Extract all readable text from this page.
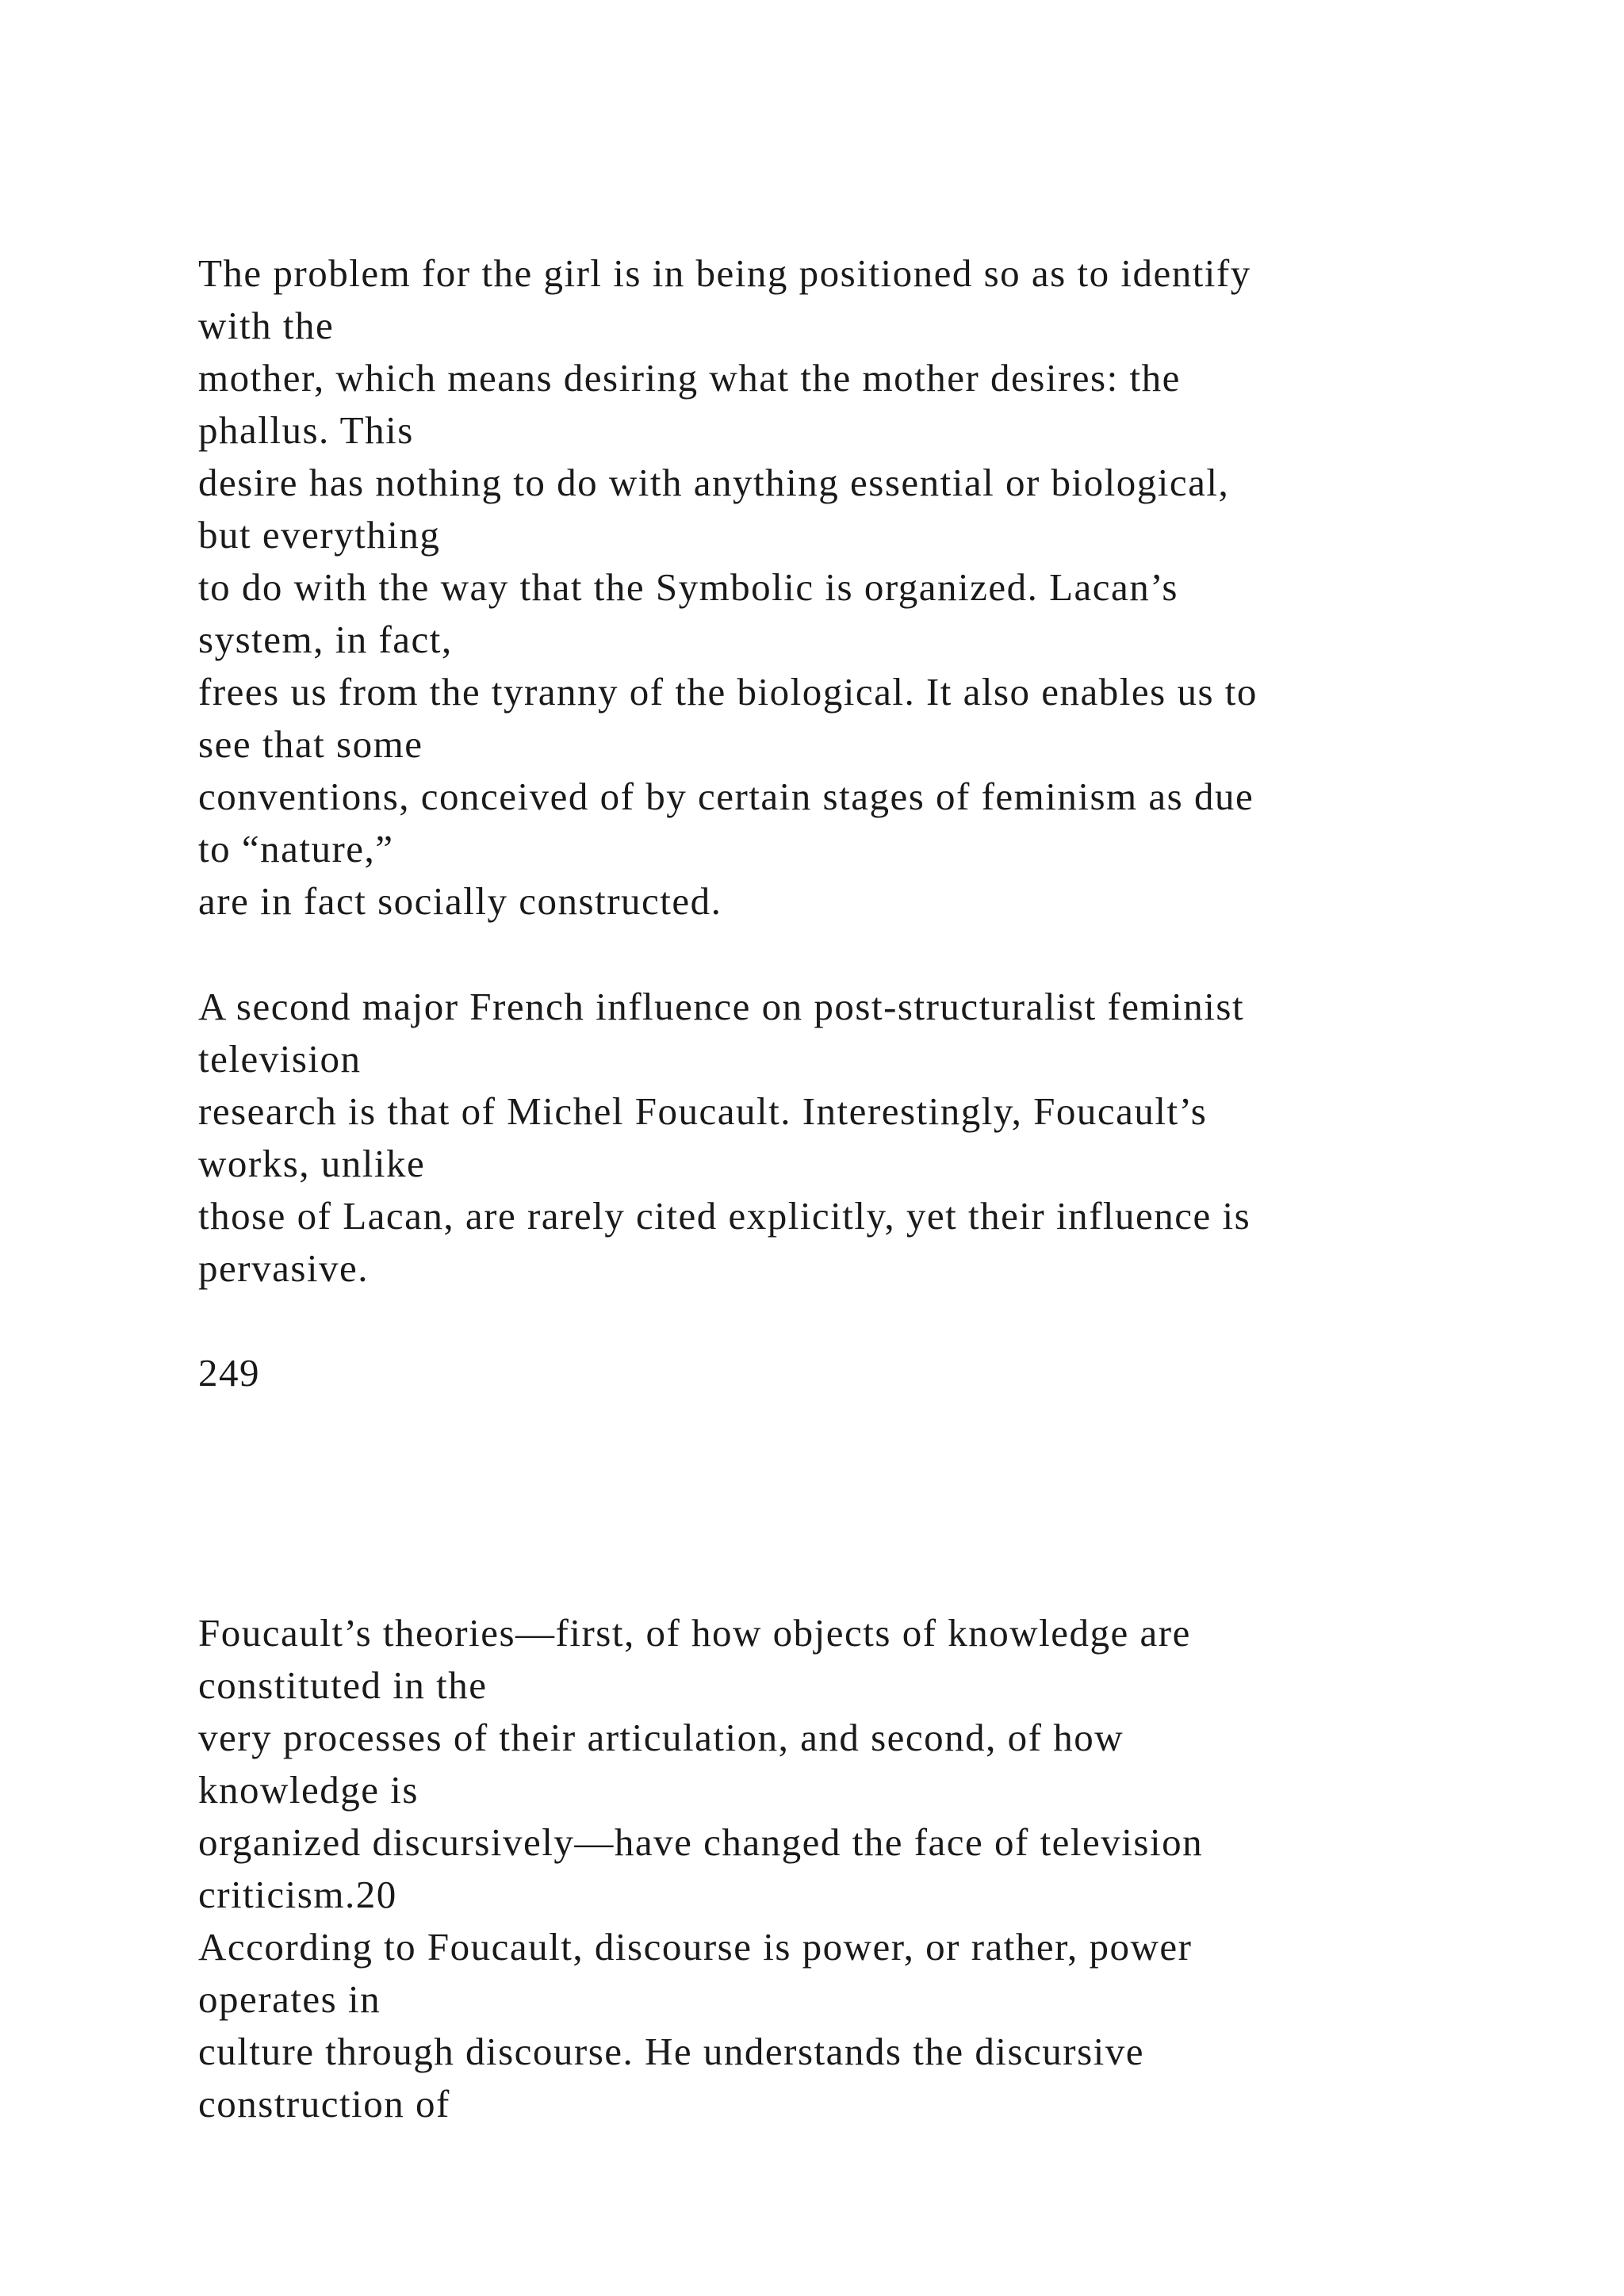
The problem for the girl is in being positioned so as to identify
with the
mother, which means desiring what the mother desires: the
phallus. This
desire has nothing to do with anything essential or biological,
but everything
to do with the way that the Symbolic is organized. Lacan’s
system, in fact,
frees us from the tyranny of the biological. It also enables us to
see that some
conventions, conceived of by certain stages of feminism as due
to “nature,”
are in fact socially constructed.
A second major French influence on post-structuralist feminist
television
research is that of Michel Foucault. Interestingly, Foucault’s
works, unlike
those of Lacan, are rarely cited explicitly, yet their influence is
pervasive.
249
Foucault’s theories—first, of how objects of knowledge are
constituted in the
very processes of their articulation, and second, of how
knowledge is
organized discursively—have changed the face of television
criticism.20
According to Foucault, discourse is power, or rather, power
operates in
culture through discourse. He understands the discursive
construction of
